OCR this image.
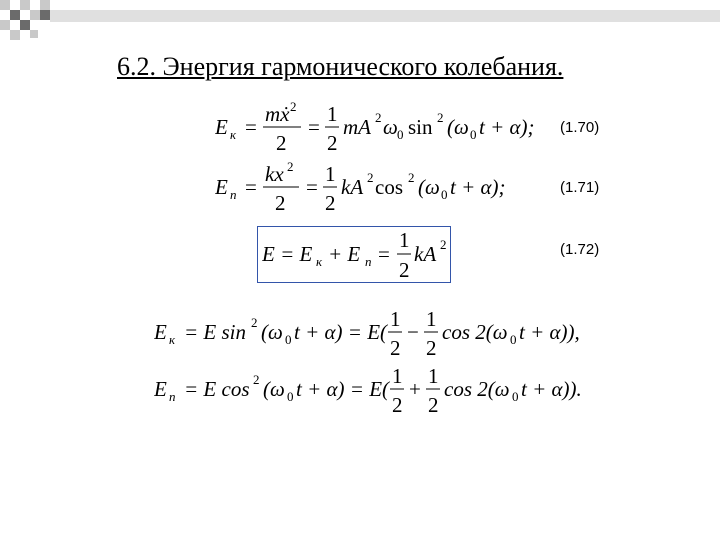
6.2. Энергия гармонического колебания.
E к =
mẋ 2
2
=
1
2
mA 2 ω 0 sin 2 (ω 0 t + α); (1.70)
E п =
kx 2
2
=
1
2
kA 2 cos 2 (ω 0 t + α);	(1.71)
E = E к + E п =
1
2
kA 2	(1.72)
E к = E sin 2 (ω 0 t + α) = E(
1
2
−
1
2
cos 2(ω 0 t + α)),
E п = E cos 2 (ω 0 t + α) = E(
1
2
+
1
2
cos 2(ω 0 t + α)).
